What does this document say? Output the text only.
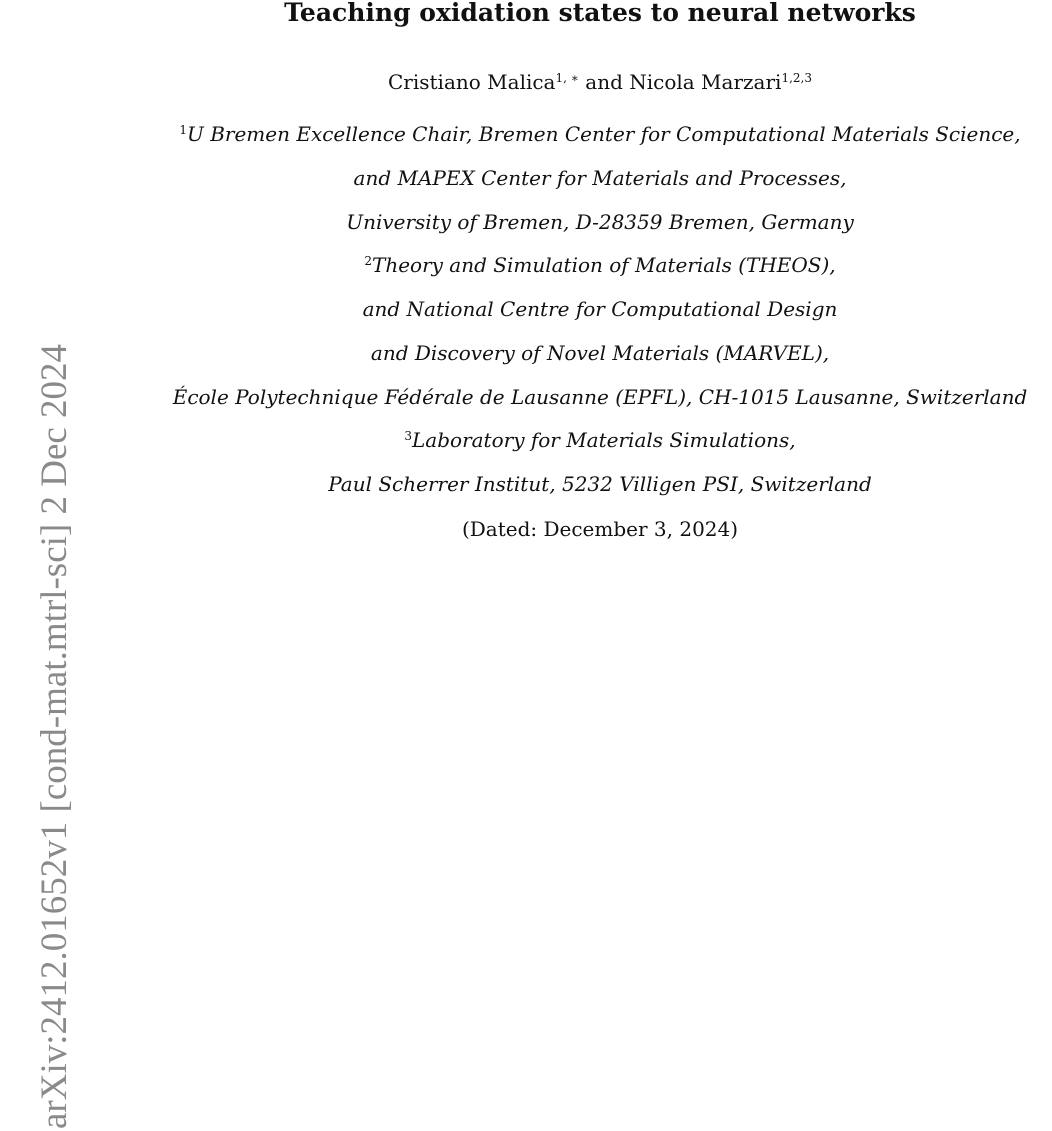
Teaching oxidation states to neural networks
Cristiano Malica$^{1, ∗}$ and Nicola Marzari$^{1,2,3}$
$^1$U Bremen Excellence Chair, Bremen Center for Computational Materials Science,
and MAPEX Center for Materials and Processes,
University of Bremen, D-28359 Bremen, Germany
$^2$Theory and Simulation of Materials (THEOS),
and National Centre for Computational Design
and Discovery of Novel Materials (MARVEL),
École Polytechnique Fédérale de Lausanne (EPFL), CH-1015 Lausanne, Switzerland
$^3$Laboratory for Materials Simulations,
Paul Scherrer Institut, 5232 Villigen PSI, Switzerland
(Dated: December 3, 2024)
arXiv:2412.01652v1 [cond-mat.mtrl-sci] 2 Dec 2024
